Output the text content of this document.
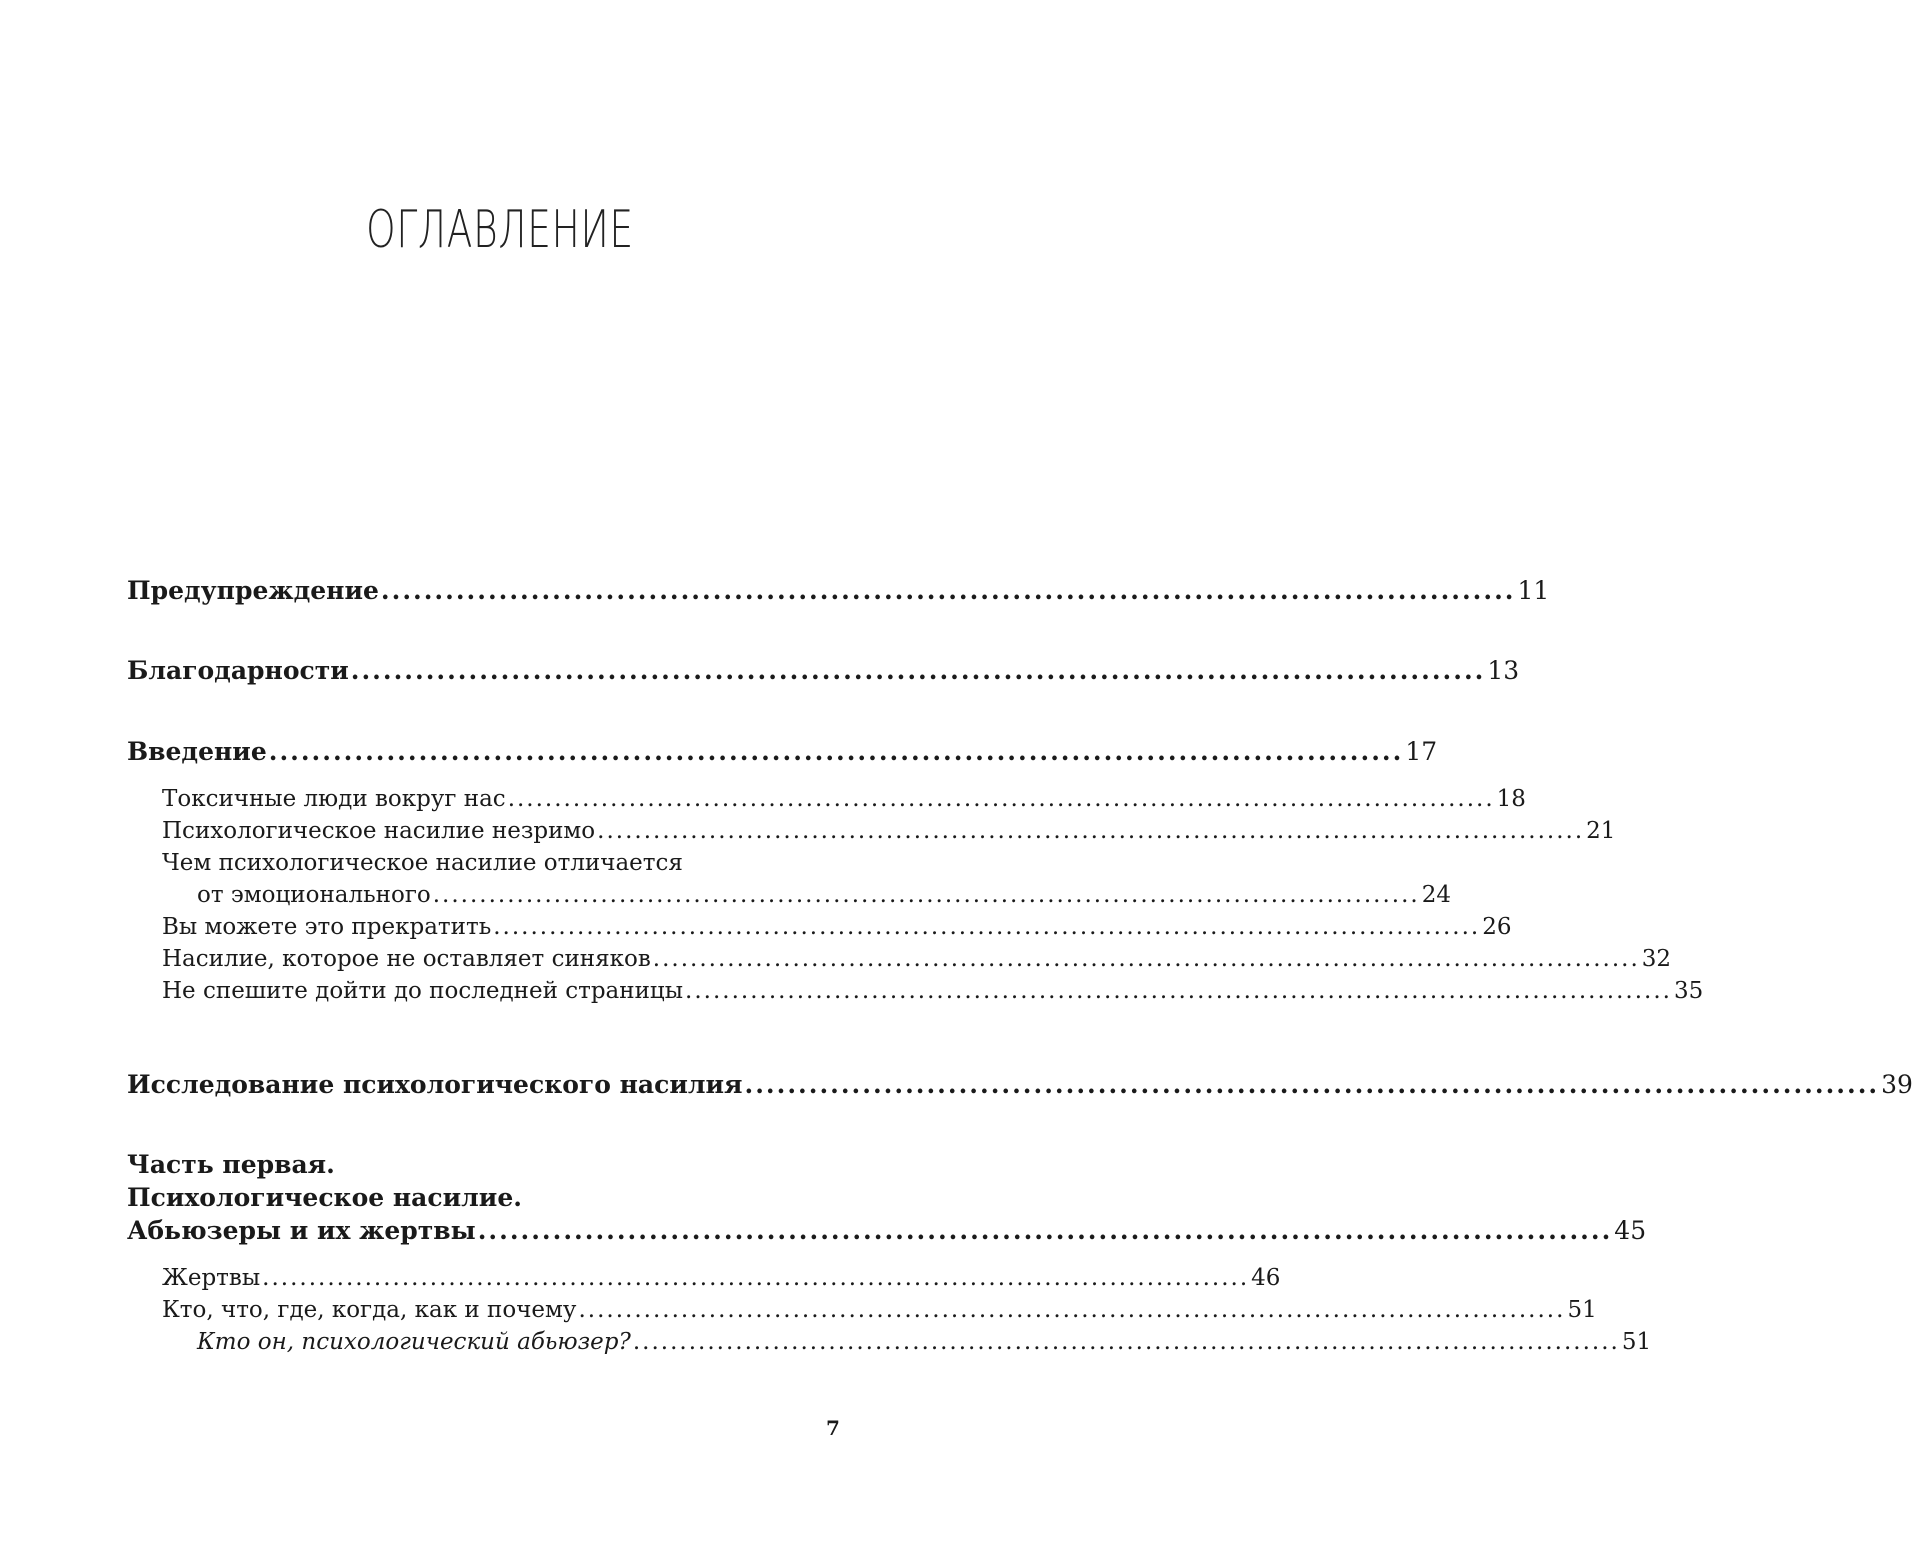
ОГЛАВЛЕНИЕ
Предупреждение .......................................................................................................... 11
Благодарности .......................................................................................................... 13
Введение .......................................................................................................... 17
Токсичные люди вокруг нас .......................................................................................................... 18
Психологическое насилие незримо .......................................................................................................... 21
Чем психологическое насилие отличается
от эмоционального .......................................................................................................... 24
Вы можете это прекратить .......................................................................................................... 26
Насилие, которое не оставляет синяков .......................................................................................................... 32
Не спешите дойти до последней страницы .......................................................................................................... 35
Исследование психологического насилия .......................................................................................................... 39
Часть первая.
Психологическое насилие.
Абьюзеры и их жертвы .......................................................................................................... 45
Жертвы .......................................................................................................... 46
Кто, что, где, когда, как и почему .......................................................................................................... 51
Кто он, психологический абьюзер? .......................................................................................................... 51
7
